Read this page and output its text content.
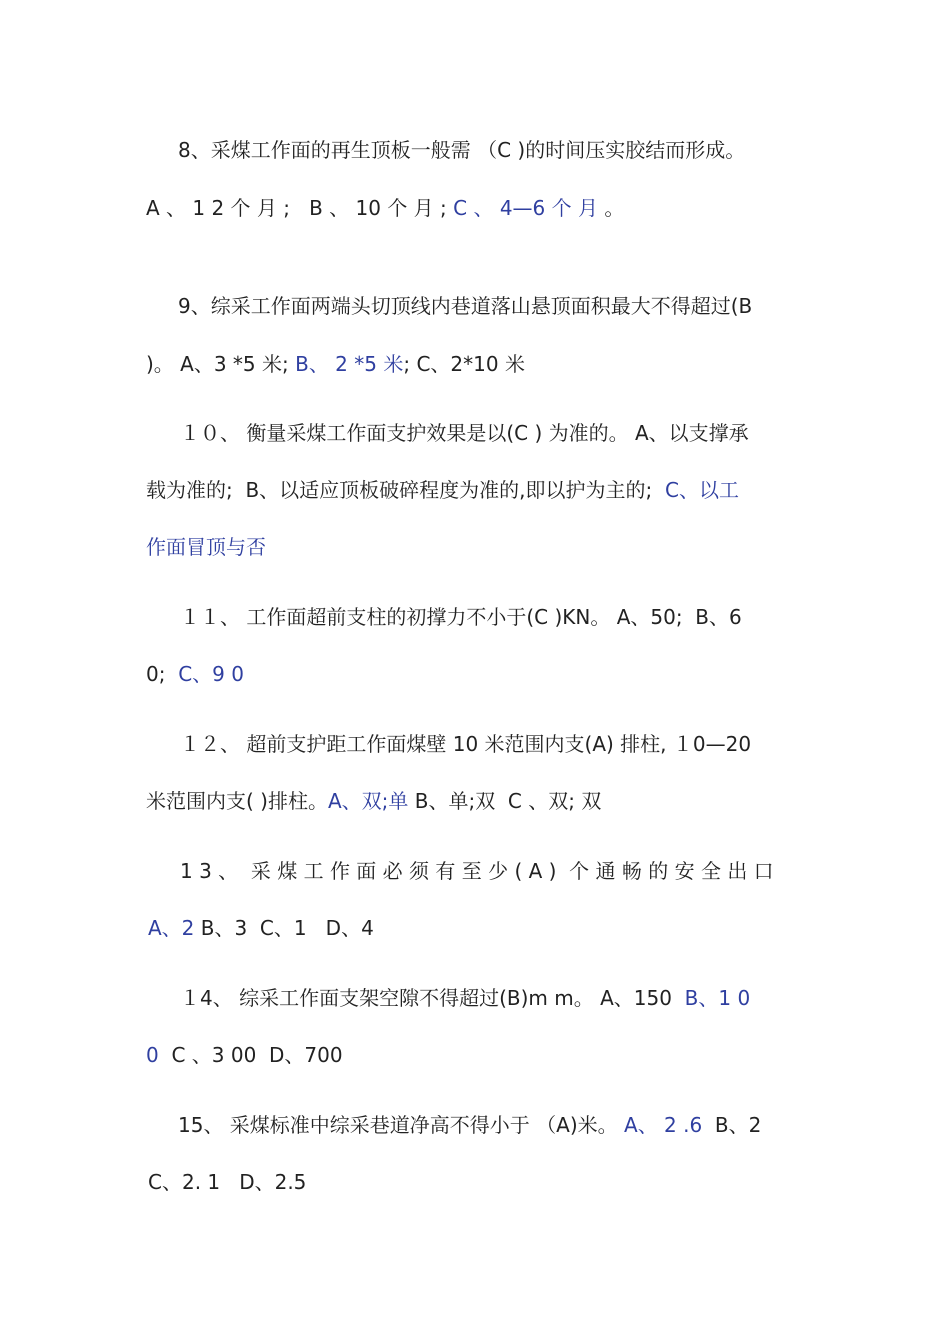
8、采煤工作面的再生顶板一般需 （C )的时间压实胶结而形成。
A 、 1 2 个 月 ;   B 、 10 个 月 ; C 、 4—6 个 月 。
9、综采工作面两端头切顶线内巷道落山悬顶面积最大不得超过(B
)。 A、3 *5 米; B、 2 *5 米; C、2*10 米
１０、 衡量采煤工作面支护效果是以(C ) 为准的。 A、以支撑承
载为准的;  B、以适应顶板破碎程度为准的,即以护为主的;  C、以工
作面冒顶与否
１１、 工作面超前支柱的初撑力不小于(C )KN。 A、50;  B、6
0;  C、9 0
１２、 超前支护距工作面煤壁 10 米范围内支(A) 排柱, １0—20
米范围内支( )排柱。A、双;单 B、单;双  C 、双; 双
1 3 、  采 煤 工 作 面 必 须 有 至 少 ( A )  个 通 畅 的 安 全 出 口
A、2 B、3  C、1   D、4
１4、 综采工作面支架空隙不得超过(B)m m。 A、150  B、1 0
0  C 、3 00  D、700
15、 采煤标准中综采巷道净高不得小于 （A)米。 A、 2 .6  B、2
C、2. 1   D、2.5
